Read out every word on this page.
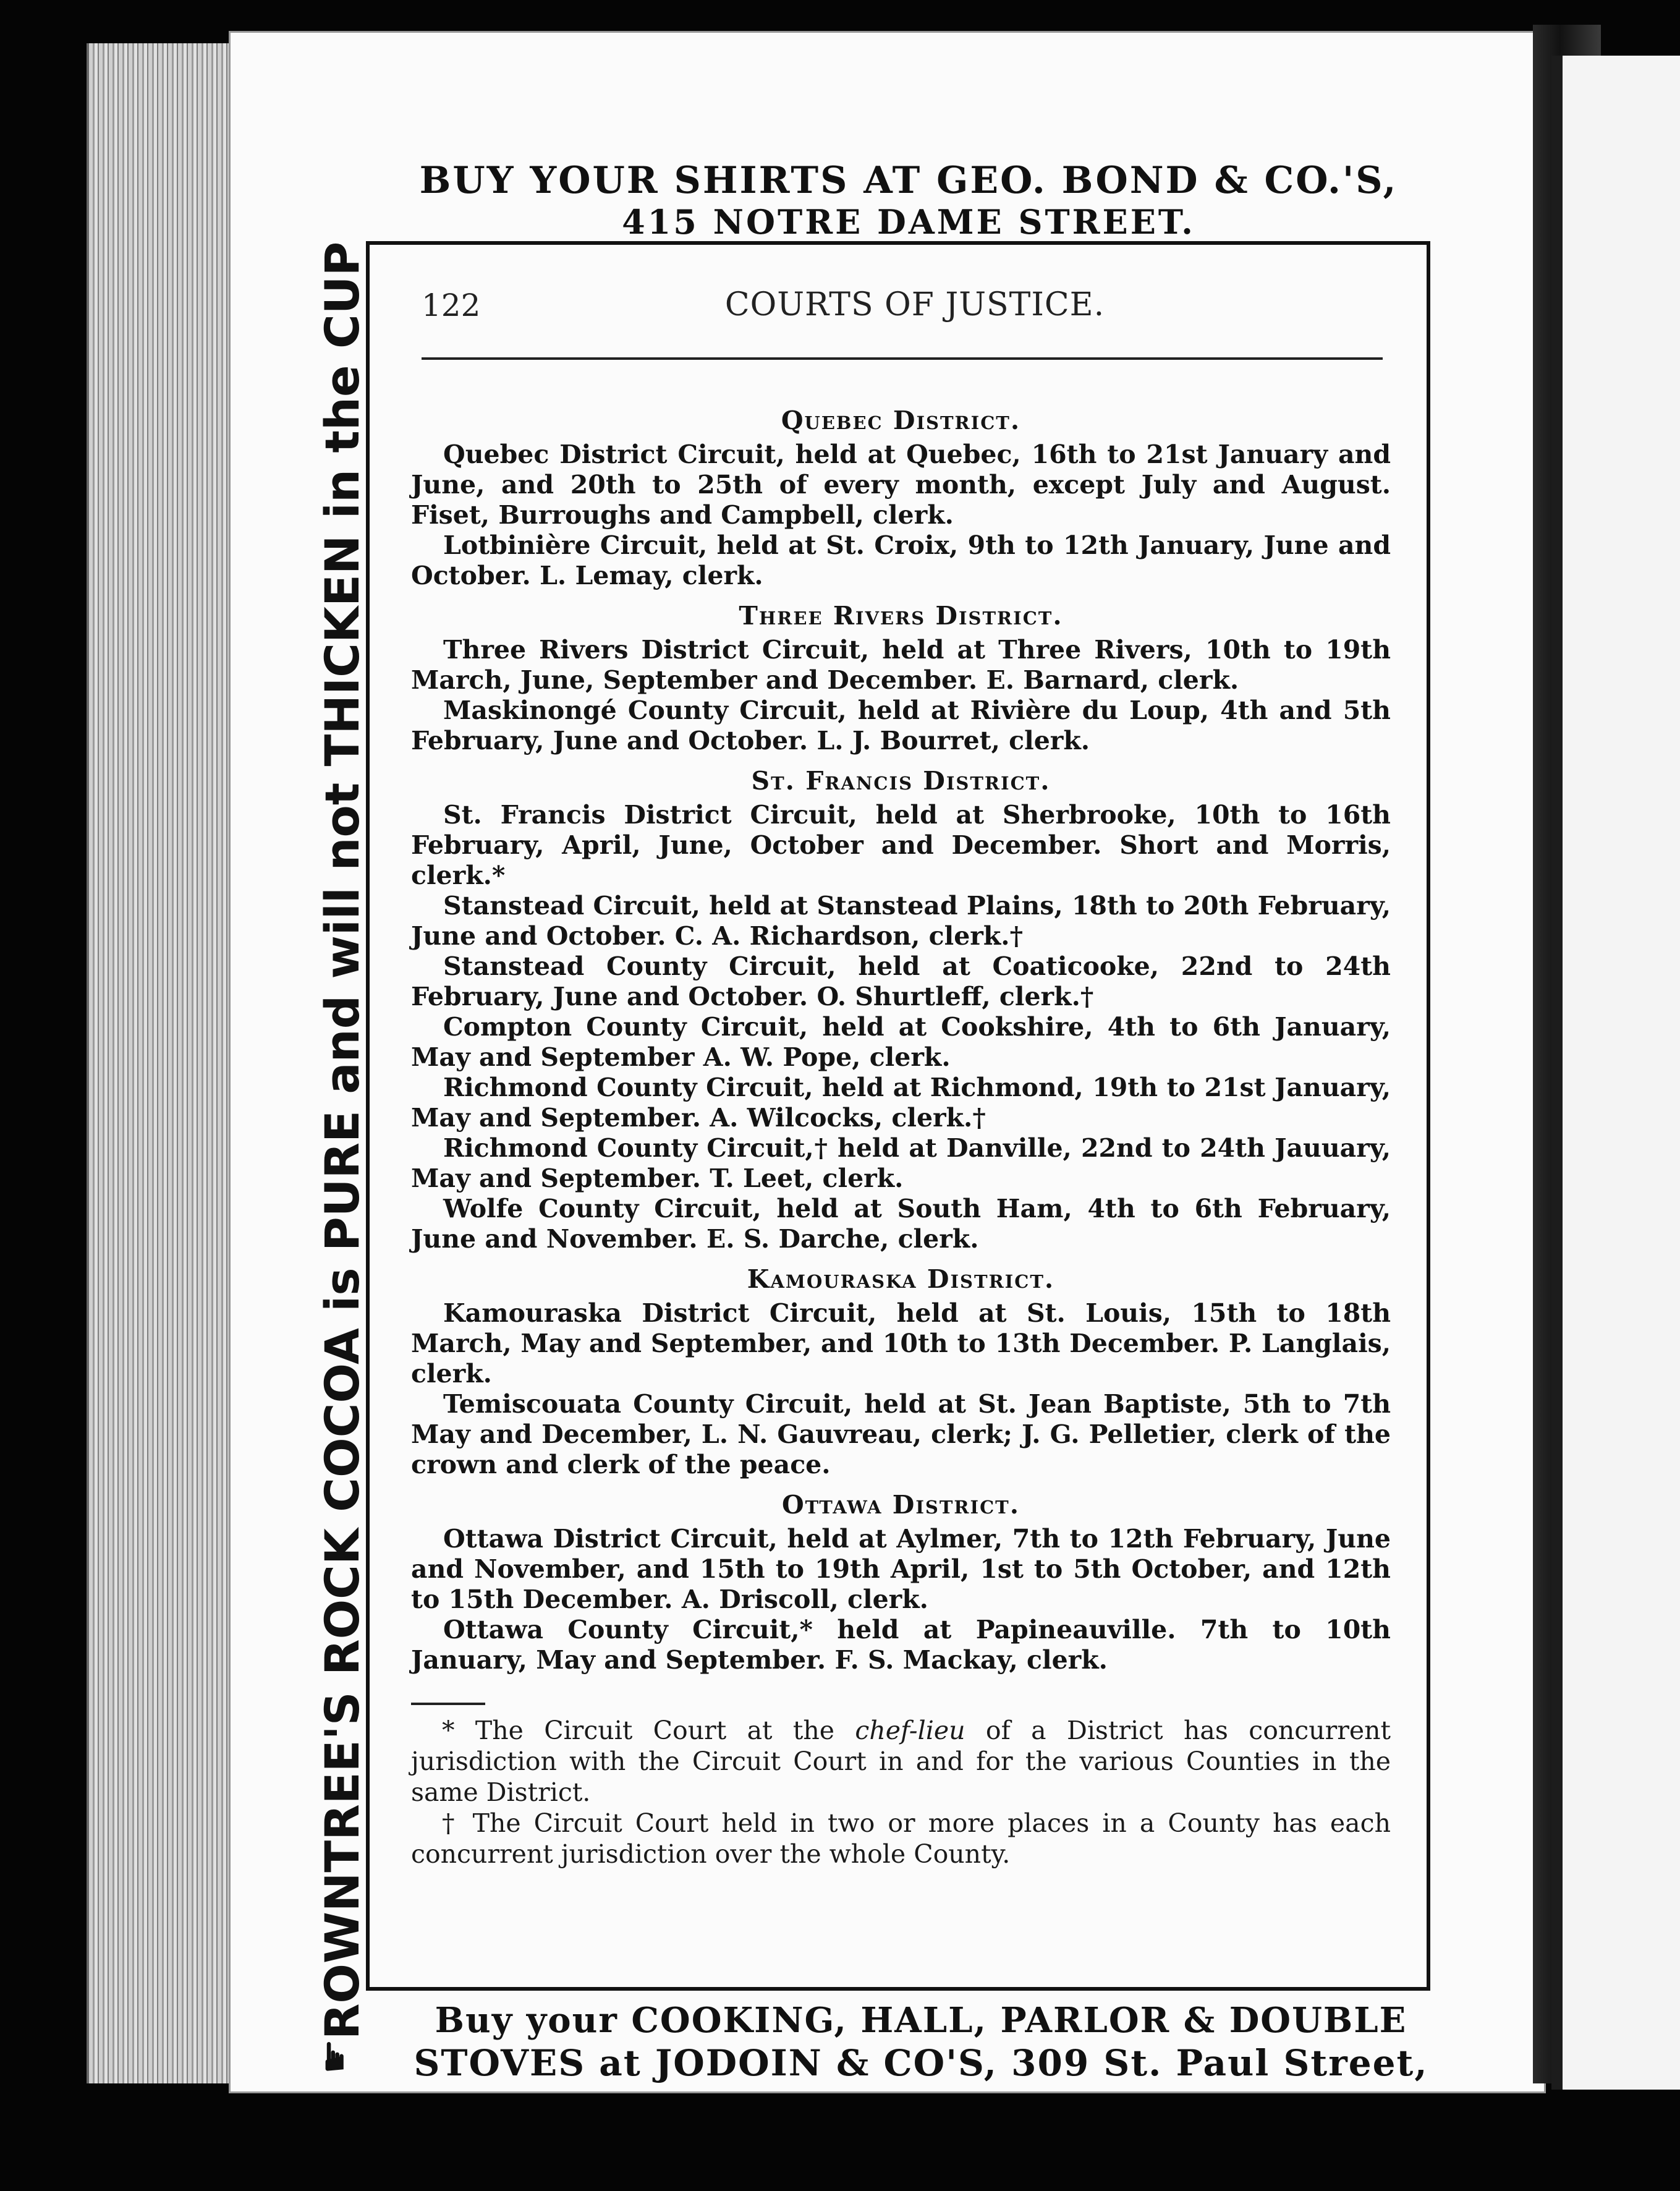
BUY YOUR SHIRTS AT GEO. BOND & CO.'S,

415 NOTRE DAME STREET.

ROWNTREE'S ROCK COCOA is PURE and will not THICKEN in the CUP
☛
122	COURTS OF JUSTICE.
Quebec District.

Quebec District Circuit, held at Quebec, 16th to 21st January and June, and 20th to 25th of every month, except July and August. Fiset, Burroughs and Campbell, clerk.

Lotbinière Circuit, held at St. Croix, 9th to 12th January, June and October. L. Lemay, clerk.

Three Rivers District.

Three Rivers District Circuit, held at Three Rivers, 10th to 19th March, June, September and December. E. Barnard, clerk.

Maskinongé County Circuit, held at Rivière du Loup, 4th and 5th February, June and October. L. J. Bourret, clerk.

St. Francis District.

St. Francis District Circuit, held at Sherbrooke, 10th to 16th February, April, June, October and December. Short and Morris, clerk.*

Stanstead Circuit, held at Stanstead Plains, 18th to 20th February, June and October. C. A. Richardson, clerk.†

Stanstead County Circuit, held at Coaticooke, 22nd to 24th February, June and October. O. Shurtleff, clerk.†

Compton County Circuit, held at Cookshire, 4th to 6th January, May and September A. W. Pope, clerk.

Richmond County Circuit, held at Richmond, 19th to 21st January, May and September. A. Wilcocks, clerk.†

Richmond County Circuit,† held at Danville, 22nd to 24th Jauuary, May and September. T. Leet, clerk.

Wolfe County Circuit, held at South Ham, 4th to 6th February, June and November. E. S. Darche, clerk.

Kamouraska District.

Kamouraska District Circuit, held at St. Louis, 15th to 18th March, May and September, and 10th to 13th December. P. Langlais, clerk.

Temiscouata County Circuit, held at St. Jean Baptiste, 5th to 7th May and December, L. N. Gauvreau, clerk; J. G. Pelletier, clerk of the crown and clerk of the peace.

Ottawa District.

Ottawa District Circuit, held at Aylmer, 7th to 12th February, June and November, and 15th to 19th April, 1st to 5th October, and 12th to 15th December. A. Driscoll, clerk.

Ottawa County Circuit,* held at Papineauville. 7th to 10th January, May and September. F. S. Mackay, clerk.

* The Circuit Court at the chef-lieu of a District has concurrent jurisdiction with the Circuit Court in and for the various Counties in the same District.

† The Circuit Court held in two or more places in a County has each concurrent jurisdiction over the whole County.

Buy your COOKING, HALL, PARLOR & DOUBLE

STOVES at JODOIN & CO'S, 309 St. Paul Street,
